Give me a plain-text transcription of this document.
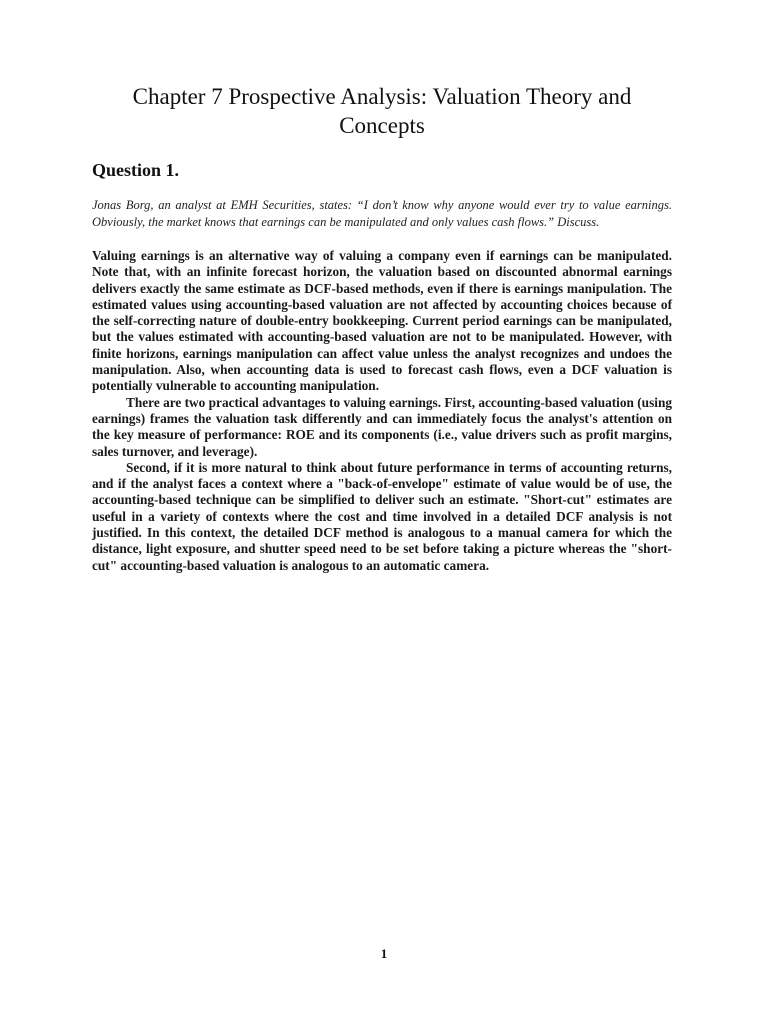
Chapter 7 Prospective Analysis: Valuation Theory and Concepts
Question 1.

Jonas Borg, an analyst at EMH Securities, states: “I don’t know why anyone would ever try to value earnings. Obviously, the market knows that earnings can be manipulated and only values cash flows.” Discuss.

Valuing earnings is an alternative way of valuing a company even if earnings can be manipulated. Note that, with an infinite forecast horizon, the valuation based on discounted abnormal earnings delivers exactly the same estimate as DCF-based methods, even if there is earnings manipulation. The estimated values using accounting-based valuation are not affected by accounting choices because of the self-correcting nature of double-entry bookkeeping. Current period earnings can be manipulated, but the values estimated with accounting-based valuation are not to be manipulated. However, with finite horizons, earnings manipulation can affect value unless the analyst recognizes and undoes the manipulation. Also, when accounting data is used to forecast cash flows, even a DCF valuation is potentially vulnerable to accounting manipulation.

There are two practical advantages to valuing earnings. First, accounting-based valuation (using earnings) frames the valuation task differently and can immediately focus the analyst's attention on the key measure of performance: ROE and its components (i.e., value drivers such as profit margins, sales turnover, and leverage).

Second, if it is more natural to think about future performance in terms of accounting returns, and if the analyst faces a context where a "back-of-envelope" estimate of value would be of use, the accounting-based technique can be simplified to deliver such an estimate. "Short-cut" estimates are useful in a variety of contexts where the cost and time involved in a detailed DCF analysis is not justified. In this context, the detailed DCF method is analogous to a manual camera for which the distance, light exposure, and shutter speed need to be set before taking a picture whereas the "short-cut" accounting-based valuation is analogous to an automatic camera.

1
